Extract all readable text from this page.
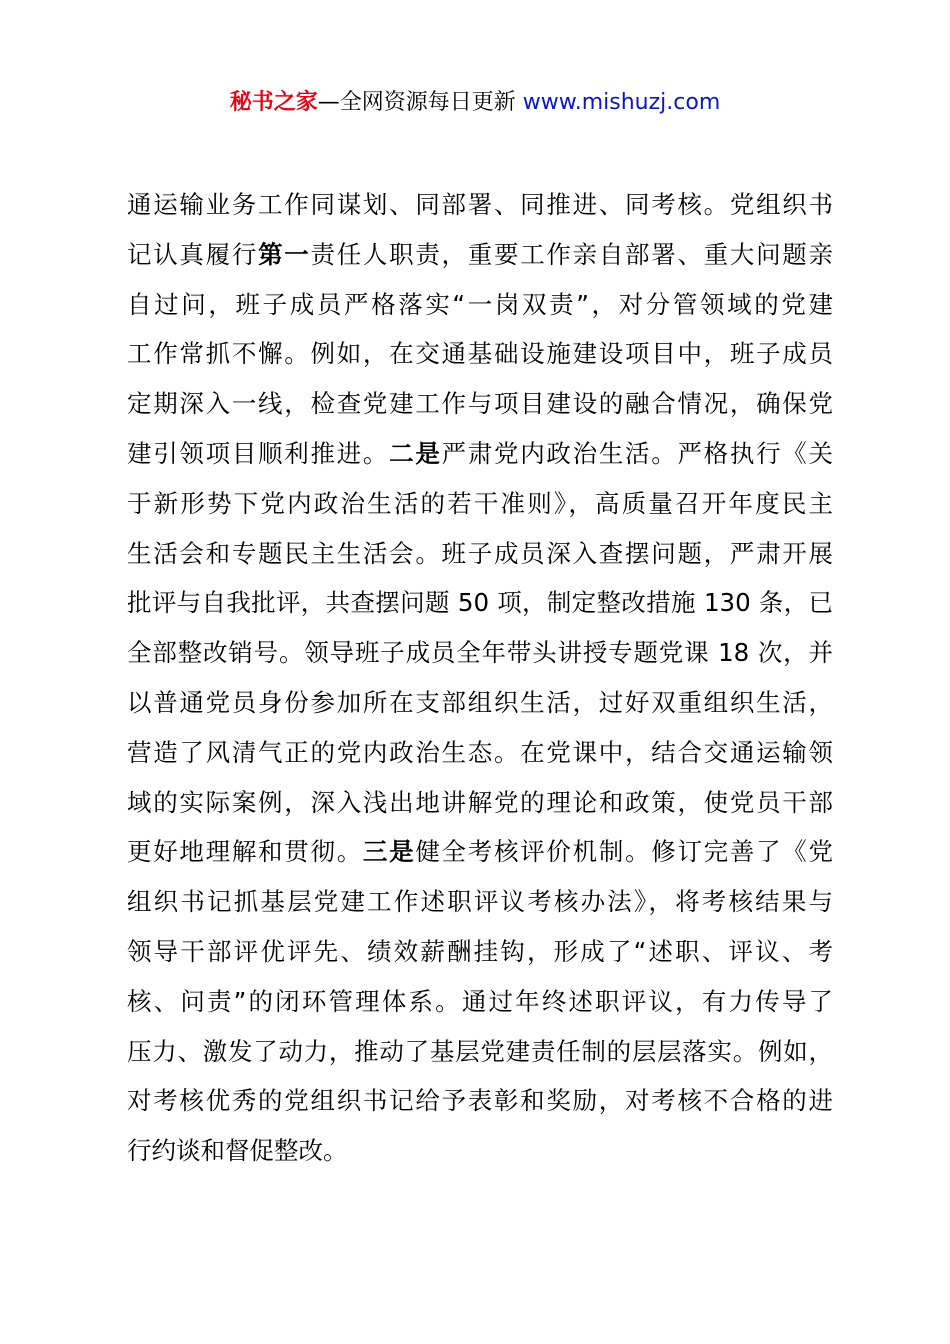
秘书之家—全网资源每日更新 www.mishuzj.com
通运输业务工作同谋划、同部署、同推进、同考核。党组织书
记认真履行第一责任人职责，重要工作亲自部署、重大问题亲
自过问，班子成员严格落实“一岗双责”，对分管领域的党建
工作常抓不懈。例如，在交通基础设施建设项目中，班子成员
定期深入一线，检查党建工作与项目建设的融合情况，确保党
建引领项目顺利推进。二是严肃党内政治生活。严格执行《关
于新形势下党内政治生活的若干准则》，高质量召开年度民主
生活会和专题民主生活会。班子成员深入查摆问题，严肃开展
批评与自我批评，共查摆问题 50 项，制定整改措施 130 条，已
全部整改销号。领导班子成员全年带头讲授专题党课 18 次，并
以普通党员身份参加所在支部组织生活，过好双重组织生活，
营造了风清气正的党内政治生态。在党课中，结合交通运输领
域的实际案例，深入浅出地讲解党的理论和政策，使党员干部
更好地理解和贯彻。三是健全考核评价机制。修订完善了《党
组织书记抓基层党建工作述职评议考核办法》，将考核结果与
领导干部评优评先、绩效薪酬挂钩，形成了“述职、评议、考
核、问责”的闭环管理体系。通过年终述职评议，有力传导了
压力、激发了动力，推动了基层党建责任制的层层落实。例如，
对考核优秀的党组织书记给予表彰和奖励，对考核不合格的进
行约谈和督促整改。
